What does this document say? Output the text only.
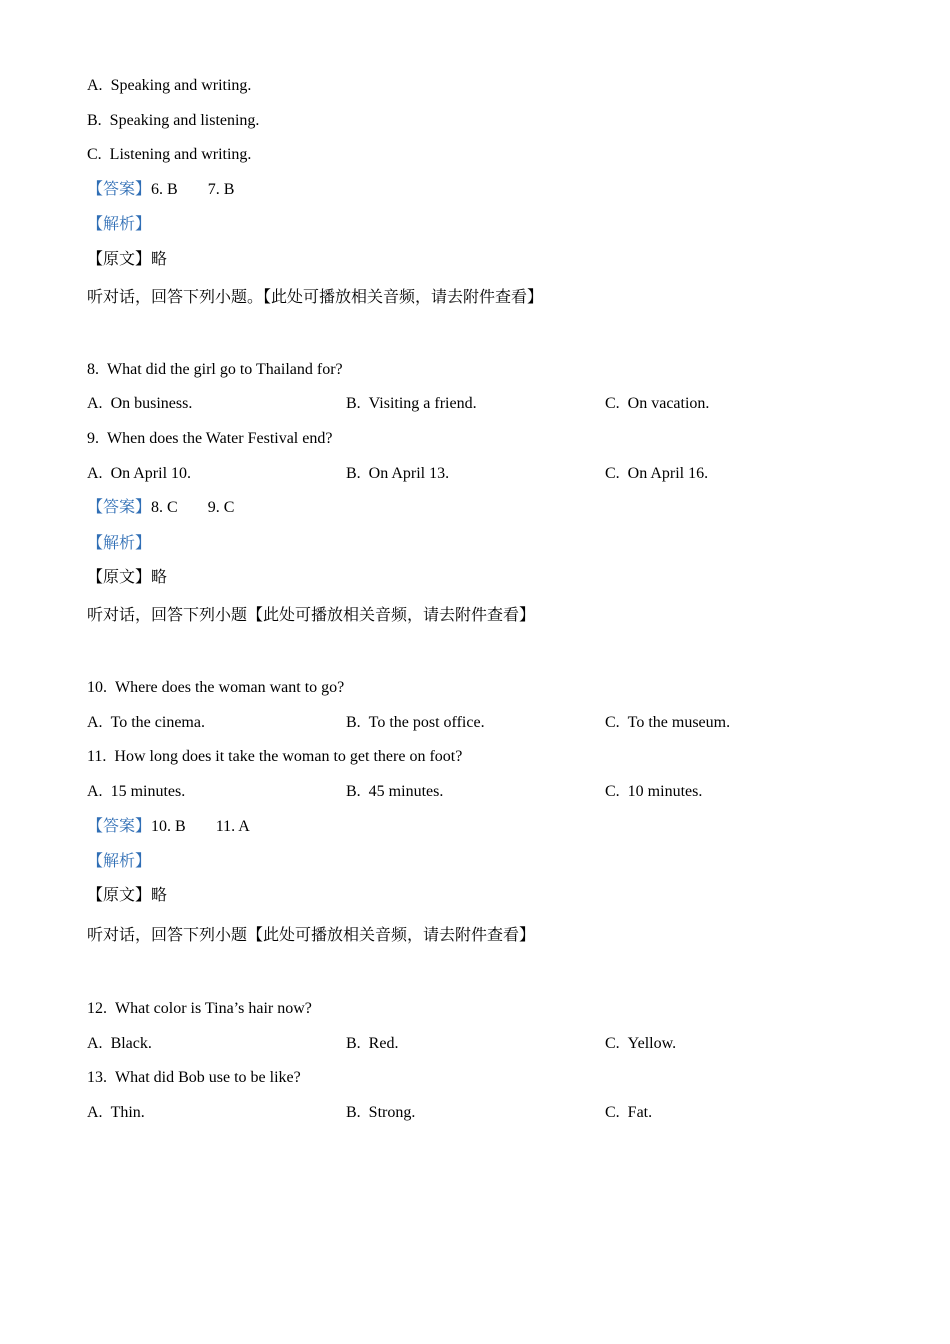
A. Speaking and writing.
B. Speaking and listening.
C. Listening and writing.
【答案】6. B 7. B
【解析】
【原文】略
听对话，回答下列小题。【此处可播放相关音频，请去附件查看】
8. What did the girl go to Thailand for?
A. On business.	B. Visiting a friend.	C. On vacation.
9. When does the Water Festival end?
A. On April 10.	B. On April 13.	C. On April 16.
【答案】8. C 9. C
【解析】
【原文】略
听对话，回答下列小题【此处可播放相关音频，请去附件查看】
10. Where does the woman want to go?
A. To the cinema.	B. To the post office.	C. To the museum.
11. How long does it take the woman to get there on foot?
A. 15 minutes.	B. 45 minutes.	C. 10 minutes.
【答案】10. B 11. A
【解析】
【原文】略
听对话，回答下列小题【此处可播放相关音频，请去附件查看】
12. What color is Tina’s hair now?
A. Black.	B. Red.	C. Yellow.
13. What did Bob use to be like?
A. Thin.	B. Strong.	C. Fat.
